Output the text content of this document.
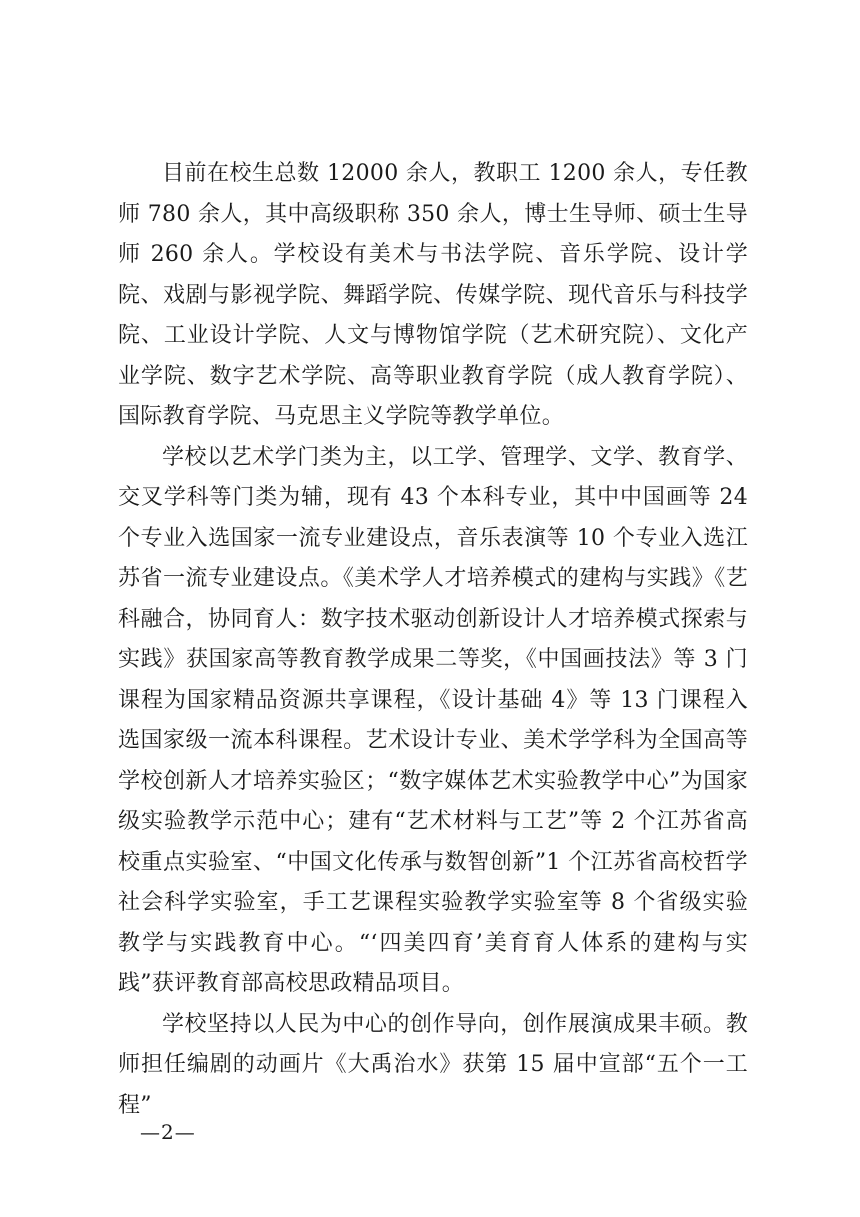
目前在校生总数 12000 余人，教职工 1200 余人，专任教师 780 余人，其中高级职称 350 余人，博士生导师、硕士生导师 260 余人。学校设有美术与书法学院、音乐学院、设计学院、戏剧与影视学院、舞蹈学院、传媒学院、现代音乐与科技学院、工业设计学院、人文与博物馆学院（艺术研究院）、文化产业学院、数字艺术学院、高等职业教育学院（成人教育学院）、国际教育学院、马克思主义学院等教学单位。

学校以艺术学门类为主，以工学、管理学、文学、教育学、交叉学科等门类为辅，现有 43 个本科专业，其中中国画等 24 个专业入选国家一流专业建设点，音乐表演等 10 个专业入选江苏省一流专业建设点。《美术学人才培养模式的建构与实践》《艺科融合，协同育人：数字技术驱动创新设计人才培养模式探索与实践》获国家高等教育教学成果二等奖，《中国画技法》等 3 门课程为国家精品资源共享课程，《设计基础 4》等 13 门课程入选国家级一流本科课程。艺术设计专业、美术学学科为全国高等学校创新人才培养实验区；“数字媒体艺术实验教学中心”为国家级实验教学示范中心；建有“艺术材料与工艺”等 2 个江苏省高校重点实验室、“中国文化传承与数智创新”1 个江苏省高校哲学社会科学实验室，手工艺课程实验教学实验室等 8 个省级实验教学与实践教育中心。“‘四美四育’美育育人体系的建构与实践”获评教育部高校思政精品项目。

学校坚持以人民为中心的创作导向，创作展演成果丰硕。教师担任编剧的动画片《大禹治水》获第 15 届中宣部“五个一工程”

—2—
